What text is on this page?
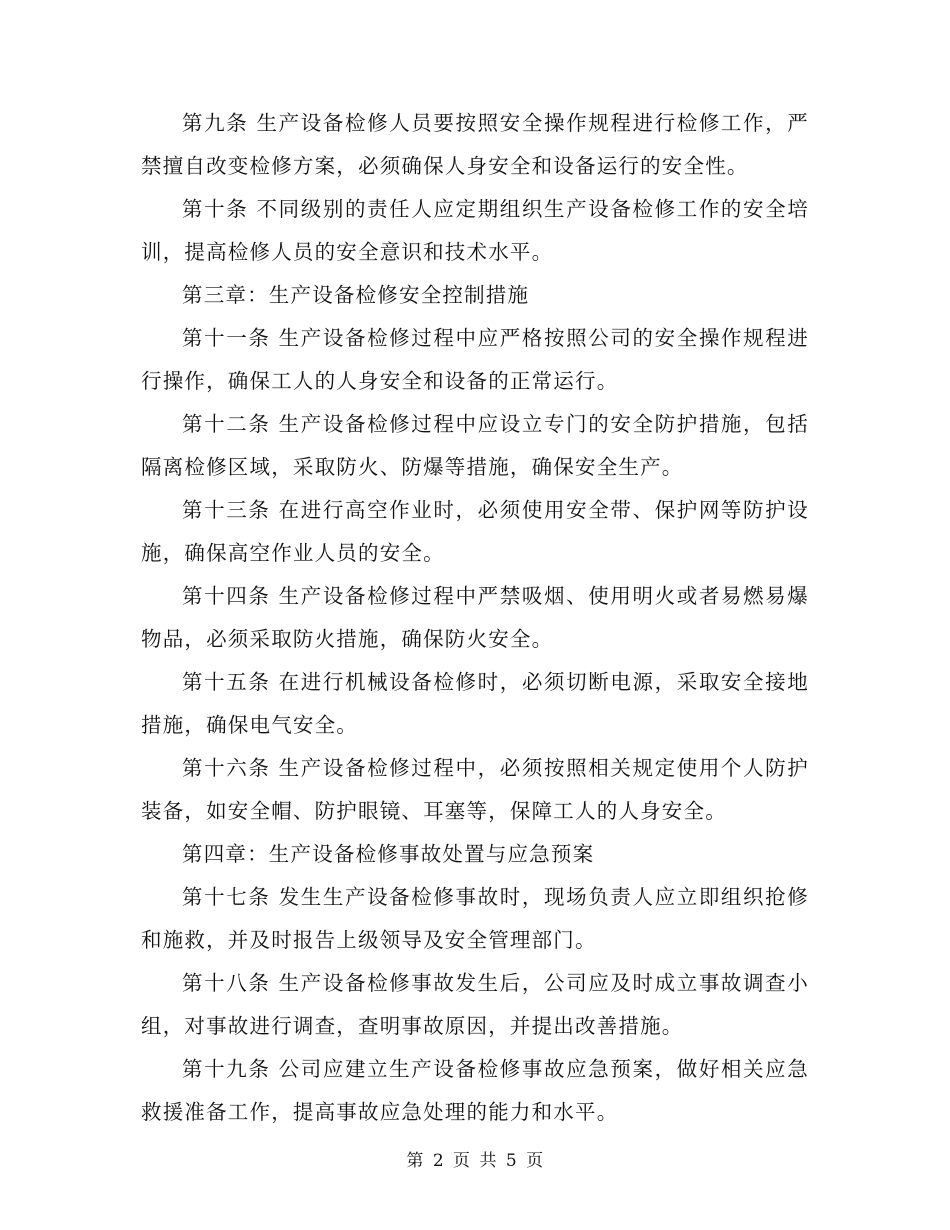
第九条 生产设备检修人员要按照安全操作规程进行检修工作，严禁擅自改变检修方案，必须确保人身安全和设备运行的安全性。

第十条 不同级别的责任人应定期组织生产设备检修工作的安全培训，提高检修人员的安全意识和技术水平。

第三章：生产设备检修安全控制措施

第十一条 生产设备检修过程中应严格按照公司的安全操作规程进行操作，确保工人的人身安全和设备的正常运行。

第十二条 生产设备检修过程中应设立专门的安全防护措施，包括隔离检修区域，采取防火、防爆等措施，确保安全生产。

第十三条 在进行高空作业时，必须使用安全带、保护网等防护设施，确保高空作业人员的安全。

第十四条 生产设备检修过程中严禁吸烟、使用明火或者易燃易爆物品，必须采取防火措施，确保防火安全。

第十五条 在进行机械设备检修时，必须切断电源，采取安全接地措施，确保电气安全。

第十六条 生产设备检修过程中，必须按照相关规定使用个人防护装备，如安全帽、防护眼镜、耳塞等，保障工人的人身安全。

第四章：生产设备检修事故处置与应急预案

第十七条 发生生产设备检修事故时，现场负责人应立即组织抢修和施救，并及时报告上级领导及安全管理部门。

第十八条 生产设备检修事故发生后，公司应及时成立事故调查小组，对事故进行调查，查明事故原因，并提出改善措施。

第十九条 公司应建立生产设备检修事故应急预案，做好相关应急救援准备工作，提高事故应急处理的能力和水平。

第 2 页 共 5 页
